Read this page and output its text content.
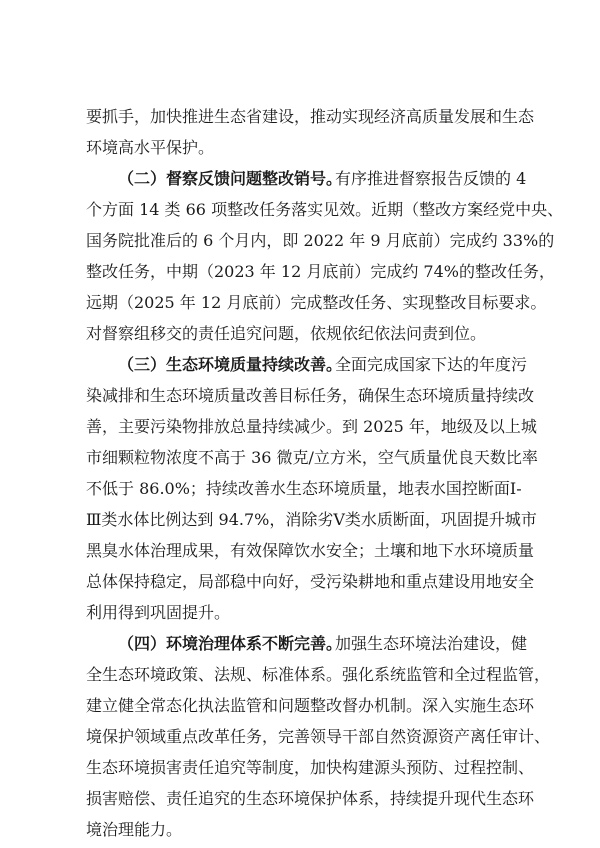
要抓手，加快推进生态省建设，推动实现经济高质量发展和生态
环境高水平保护。
（二）督察反馈问题整改销号。
有序推进督察报告反馈的 4
个方面 14 类 66 项整改任务落实见效。近期（整改方案经党中央、
国务院批准后的 6 个月内，即 2022 年 9 月底前）完成约 33%的
整改任务，中期（2023 年 12 月底前）完成约 74%的整改任务，
远期（2025 年 12 月底前）完成整改任务、实现整改目标要求。
对督察组移交的责任追究问题，依规依纪依法问责到位。
（三）生态环境质量持续改善。
全面完成国家下达的年度污
染减排和生态环境质量改善目标任务，确保生态环境质量持续改
善，主要污染物排放总量持续减少。到 2025 年，地级及以上城
市细颗粒物浓度不高于 36 微克/立方米，空气质量优良天数比率
不低于 86.0%；持续改善水生态环境质量，地表水国控断面Ⅰ-
Ⅲ类水体比例达到 94.7%，消除劣Ⅴ类水质断面，巩固提升城市
黑臭水体治理成果，有效保障饮水安全；土壤和地下水环境质量
总体保持稳定，局部稳中向好，受污染耕地和重点建设用地安全
利用得到巩固提升。
（四）环境治理体系不断完善。
加强生态环境法治建设，健
全生态环境政策、法规、标准体系。强化系统监管和全过程监管，
建立健全常态化执法监管和问题整改督办机制。深入实施生态环
境保护领域重点改革任务，完善领导干部自然资源资产离任审计、
生态环境损害责任追究等制度，加快构建源头预防、过程控制、
损害赔偿、责任追究的生态环境保护体系，持续提升现代生态环
境治理能力。
